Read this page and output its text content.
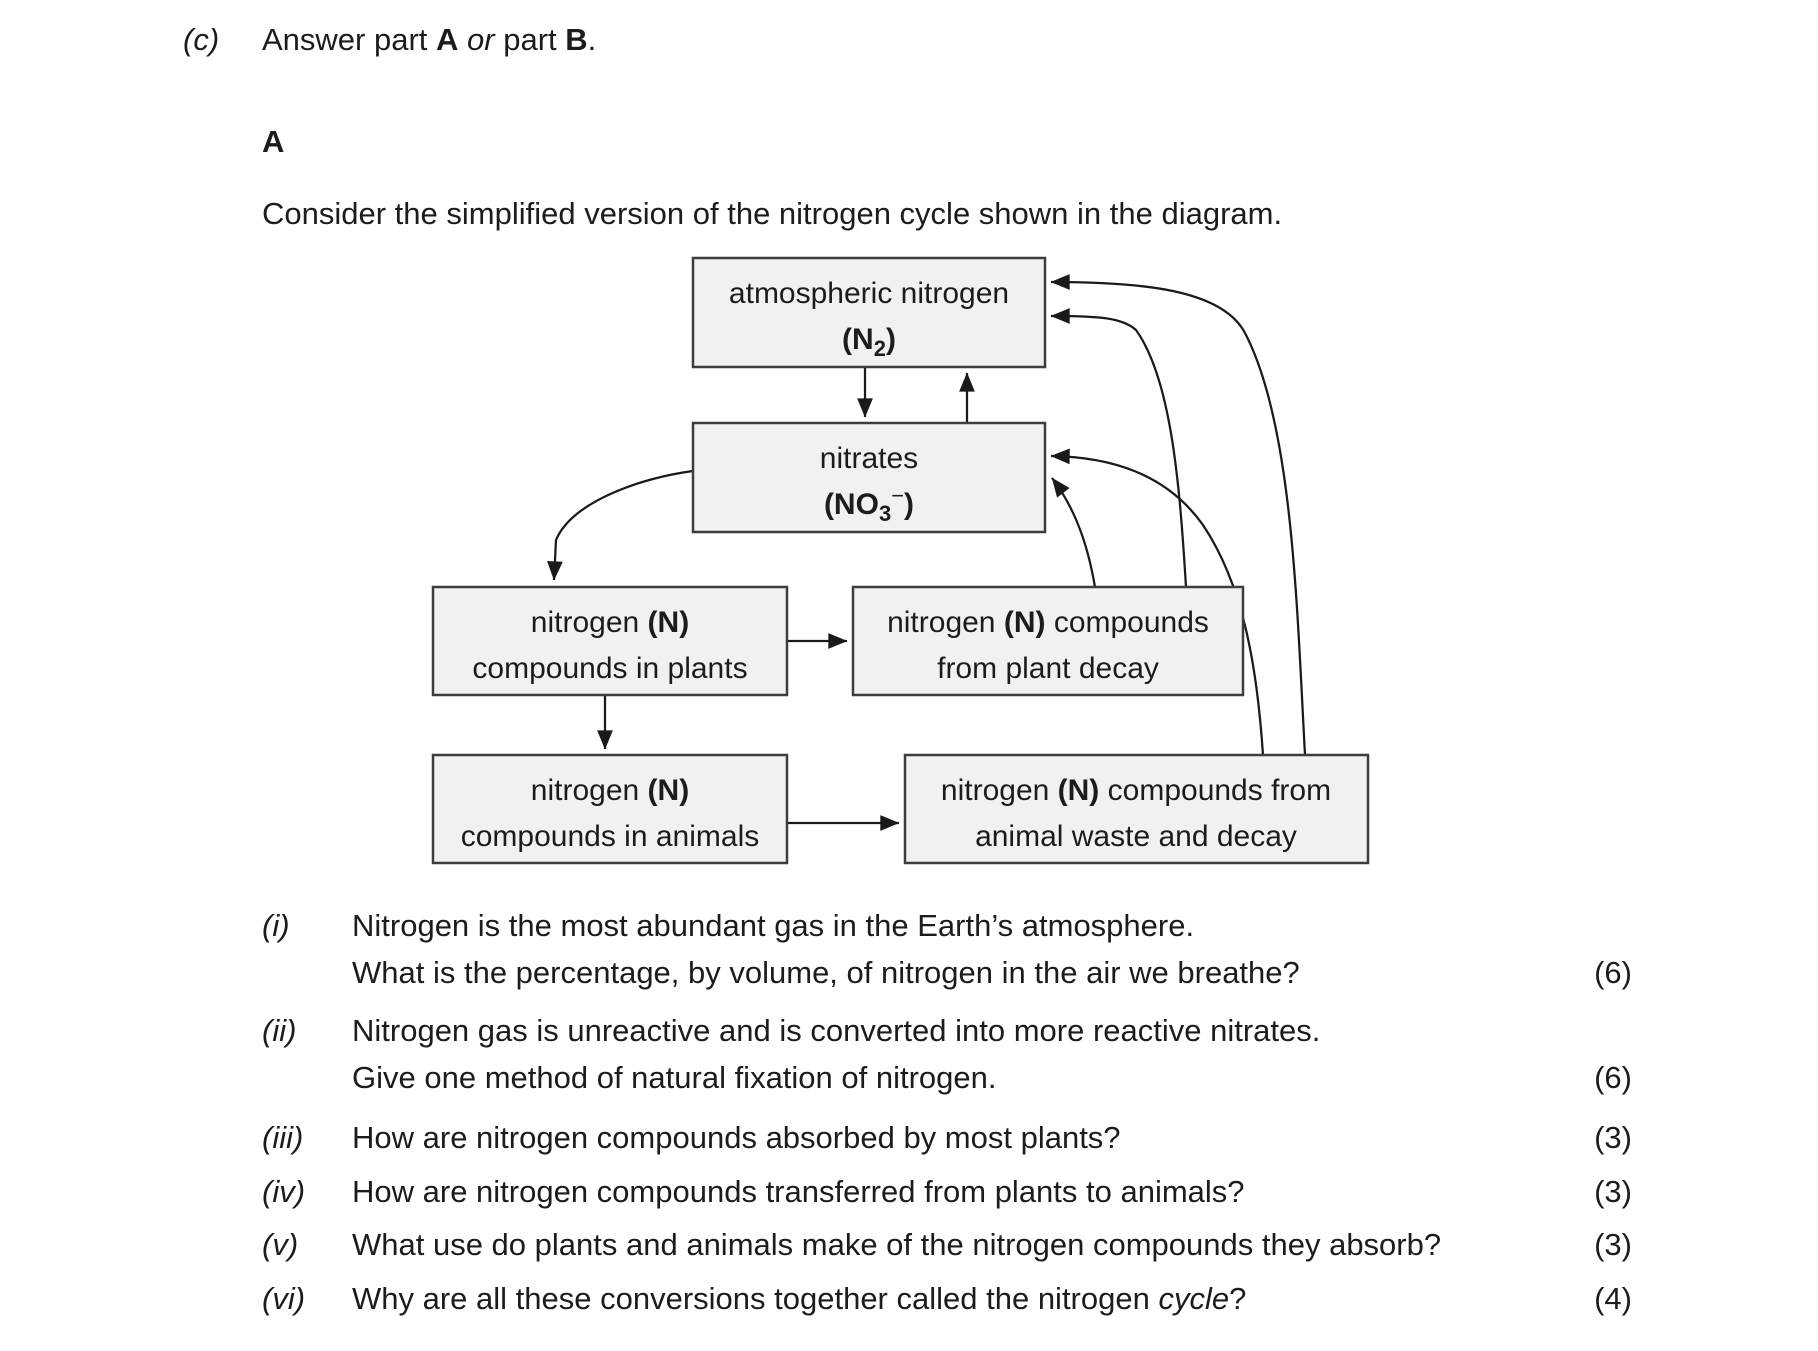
(c)	Answer part A or part B.
A
Consider the simplified version of the nitrogen cycle shown in the diagram.
atmospheric nitrogen
$(N_2)$
nitrates
$(NO_3^-)$
nitrogen (N)
compounds in plants
nitrogen (N) compounds
from plant decay
nitrogen (N)
compounds in animals
nitrogen (N) compounds from
animal waste and decay
(i)	Nitrogen is the most abundant gas in the Earth’s atmosphere.
What is the percentage, by volume, of nitrogen in the air we breathe?	(6)
(ii)	Nitrogen gas is unreactive and is converted into more reactive nitrates.
Give one method of natural fixation of nitrogen.	(6)
(iii)	How are nitrogen compounds absorbed by most plants?	(3)
(iv)	How are nitrogen compounds transferred from plants to animals?	(3)
(v)	What use do plants and animals make of the nitrogen compounds they absorb?	(3)
(vi)	Why are all these conversions together called the nitrogen cycle?	(4)
